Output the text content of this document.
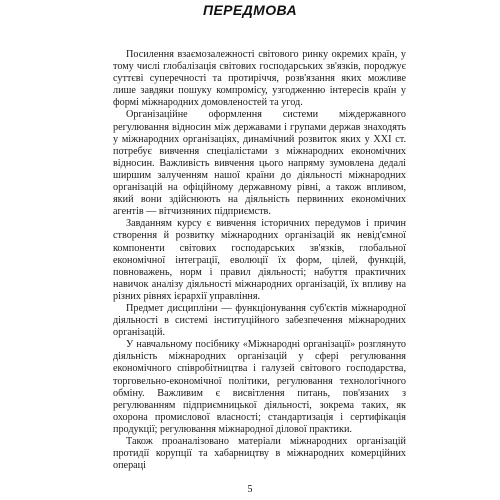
ПЕРЕДМОВА

Посилення взаємозалежності світового ринку окремих країн, у тому числі глобалізація світових господарських зв'язків, породжує суттєві суперечності та протиріччя, розв'язання яких можливе лише завдяки пошуку компромісу, узгодженню інтересів країн у формі міжнародних домовленостей та угод.

Організаційне оформлення системи міждержавного регулювання відносин між державами і групами держав знаходять у міжнародних організаціях, динамічний розвиток яких у XXI ст. потребує вивчення спеціалістами з міжнародних економічних відносин. Важливість вивчення цього напряму зумовлена дедалі ширшим залученням нашої країни до діяльності міжнародних організацій на офіційному державному рівні, а також впливом, який вони здійснюють на діяльність первинних економічних агентів — вітчизняних підприємств.

Завданням курсу є вивчення історичних передумов і причин створення й розвитку міжнародних організацій як невід'ємної компоненти світових господарських зв'язків, глобальної економічної інтеграції, еволюції їх форм, цілей, функцій, повноважень, норм і правил діяльності; набуття практичних навичок аналізу діяльності міжнародних організацій, їх впливу на різних рівнях ієрархії управління.

Предмет дисципліни — функціонування суб'єктів міжнародної діяльності в системі інституційного забезпечення міжнародних організацій.

У навчальному посібнику «Міжнародні організації» розглянуто діяльність міжнародних організацій у сфері регулювання економічного співробітництва і галузей світового господарства, торговельно-економічної політики, регулювання технологічного обміну. Важливим є висвітлення питань, пов'язаних з регулюванням підприємницької діяльності, зокрема таких, як охорона промислової власності; стандартизація і сертифікація продукції; регулювання міжнародної ділової практики.

Також проаналізовано матеріали міжнародних організацій протидії корупції та хабарництву в міжнародних комерційних операці

5
